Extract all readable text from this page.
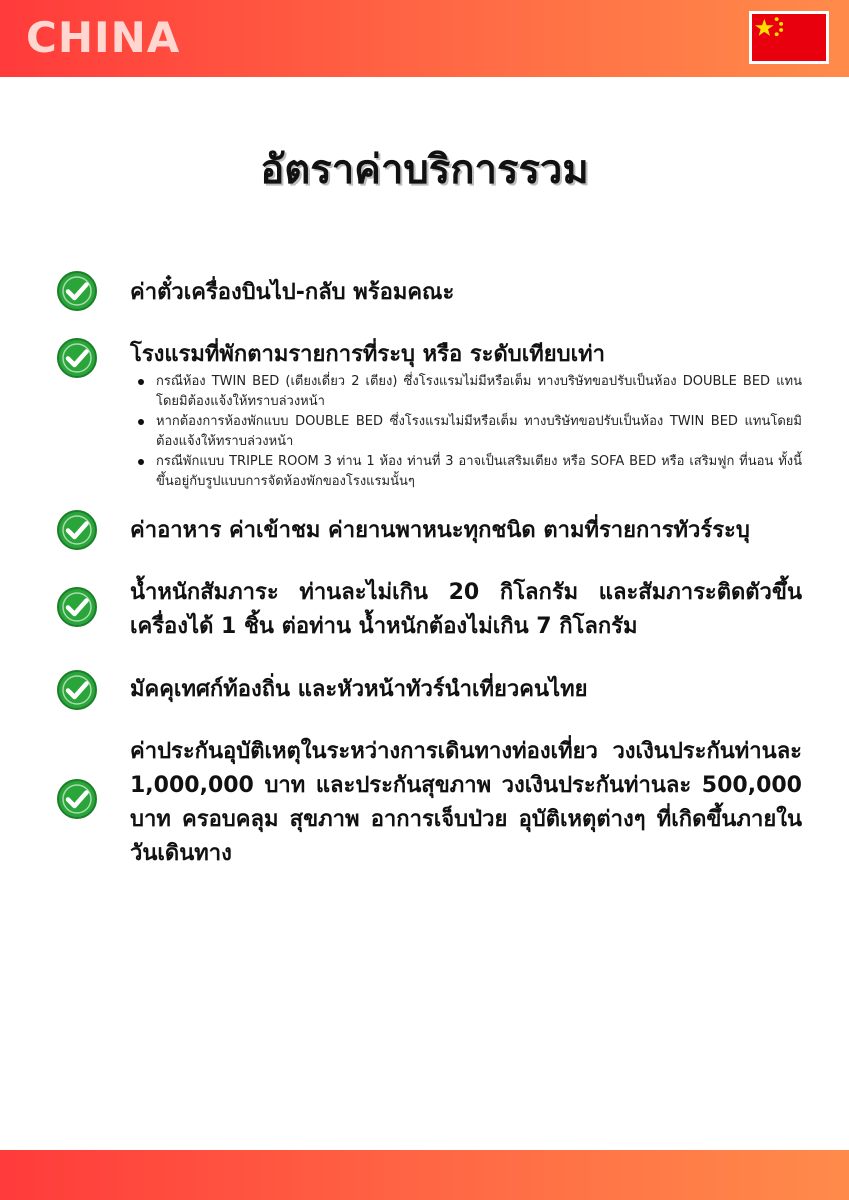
CHINA
อัตราค่าบริการรวม
ค่าตั๋วเครื่องบินไป-กลับ พร้อมคณะ
โรงแรมที่พักตามรายการที่ระบุ หรือ ระดับเทียบเท่า
กรณีห้อง TWIN BED (เตียงเดี่ยว 2 เตียง) ซึ่งโรงแรมไม่มีหรือเต็ม ทางบริษัทขอปรับเป็นห้อง DOUBLE BED แทนโดยมิต้องแจ้งให้ทราบล่วงหน้า
หากต้องการห้องพักแบบ DOUBLE BED ซึ่งโรงแรมไม่มีหรือเต็ม ทางบริษัทขอปรับเป็นห้อง TWIN BED แทนโดยมิต้องแจ้งให้ทราบล่วงหน้า
กรณีพักแบบ TRIPLE ROOM 3 ท่าน 1 ห้อง ท่านที่ 3 อาจเป็นเสริมเตียง หรือ SOFA BED หรือ เสริมฟูก ที่นอน ทั้งนี้ขึ้นอยู่กับรูปแบบการจัดห้องพักของโรงแรมนั้นๆ
ค่าอาหาร ค่าเข้าชม ค่ายานพาหนะทุกชนิด ตามที่รายการทัวร์ระบุ
น้ำหนักสัมภาระ ท่านละไม่เกิน 20 กิโลกรัม และสัมภาระติดตัวขึ้นเครื่องได้ 1 ชิ้น ต่อท่าน น้ำหนักต้องไม่เกิน 7 กิโลกรัม
มัคคุเทศก์ท้องถิ่น และหัวหน้าทัวร์นำเที่ยวคนไทย
ค่าประกันอุบัติเหตุในระหว่างการเดินทางท่องเที่ยว วงเงินประกันท่านละ 1,000,000 บาท และประกันสุขภาพ วงเงินประกันท่านละ 500,000 บาท ครอบคลุม สุขภาพ อาการเจ็บป่วย อุบัติเหตุต่างๆ ที่เกิดขึ้นภายในวันเดินทาง
